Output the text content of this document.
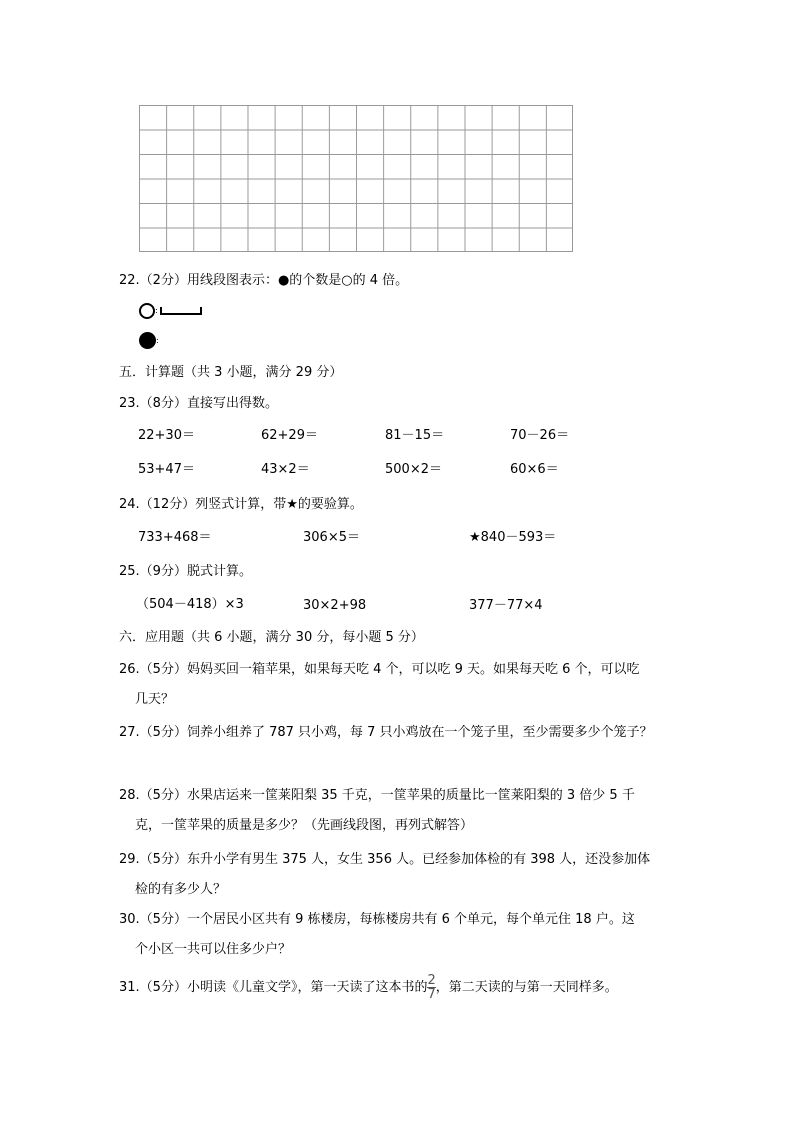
22.（2分）用线段图表示：●的个数是○的 4 倍。
:
:
五．计算题（共 3 小题，满分 29 分）
23.（8分）直接写出得数。
22+30＝	62+29＝	81－15＝	70－26＝
53+47＝	43×2＝	500×2＝	60×6＝
24.（12分）列竖式计算，带★的要验算。
733+468＝	306×5＝	★840－593＝
25.（9分）脱式计算。
（504－418）×3	30×2+98	377－77×4
六．应用题（共 6 小题，满分 30 分，每小题 5 分）
26.（5分）妈妈买回一箱苹果，如果每天吃 4 个，可以吃 9 天。如果每天吃 6 个，可以吃
几天？
27.（5分）饲养小组养了 787 只小鸡，每 7 只小鸡放在一个笼子里，至少需要多少个笼子？
28.（5分）水果店运来一筐莱阳梨 35 千克，一筐苹果的质量比一筐莱阳梨的 3 倍少 5 千
克，一筐苹果的质量是多少？（先画线段图，再列式解答）
29.（5分）东升小学有男生 375 人，女生 356 人。已经参加体检的有 398 人，还没参加体
检的有多少人？
30.（5分）一个居民小区共有 9 栋楼房，每栋楼房共有 6 个单元，每个单元住 18 户。这
个小区一共可以住多少户？
31.（5分）小明读《儿童文学》，第一天读了这本书的 $\frac{2}{7}$ ，第二天读的与第一天同样多。
